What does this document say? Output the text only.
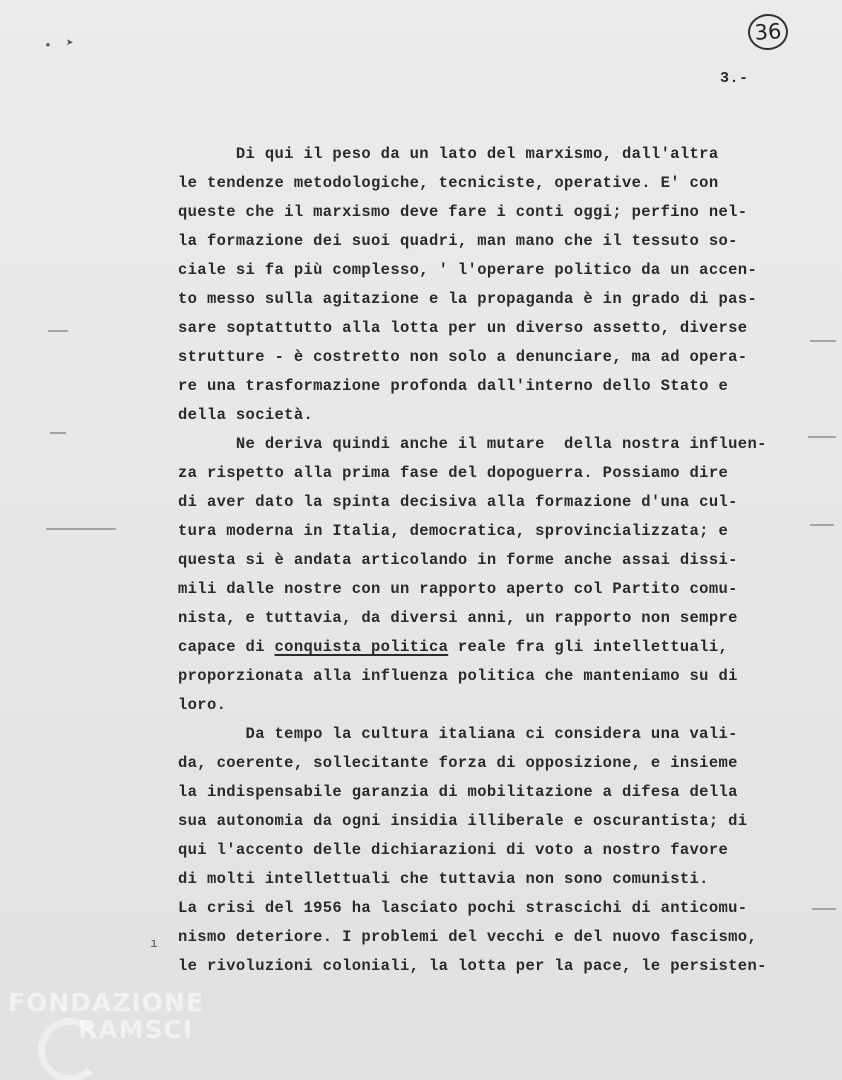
36
3.-
• ➤
ı
Di qui il peso da un lato del marxismo, dall'altra
le tendenze metodologiche, tecniciste, operative. E' con
queste che il marxismo deve fare i conti oggi; perfino nel-
la formazione dei suoi quadri, man mano che il tessuto so-
ciale si fa più complesso, ' l'operare politico da un accen-
to messo sulla agitazione e la propaganda è in grado di pas-
sare soptattutto alla lotta per un diverso assetto, diverse
strutture - è costretto non solo a denunciare, ma ad opera-
re una trasformazione profonda dall'interno dello Stato e
della società.
Ne deriva quindi anche il mutare  della nostra influen-
za rispetto alla prima fase del dopoguerra. Possiamo dire
di aver dato la spinta decisiva alla formazione d'una cul-
tura moderna in Italia, democratica, sprovincializzata; e
questa si è andata articolando in forme anche assai dissi-
mili dalle nostre con un rapporto aperto col Partito comu-
nista, e tuttavia, da diversi anni, un rapporto non sempre
capace di conquista politica reale fra gli intellettuali,
proporzionata alla influenza politica che manteniamo su di
loro.
Da tempo la cultura italiana ci considera una vali-
da, coerente, sollecitante forza di opposizione, e insieme
la indispensabile garanzia di mobilitazione a difesa della
sua autonomia da ogni insidia illiberale e oscurantista; di
qui l'accento delle dichiarazioni di voto a nostro favore
di molti intellettuali che tuttavia non sono comunisti.
La crisi del 1956 ha lasciato pochi strascichi di anticomu-
nismo deteriore. I problemi del vecchi e del nuovo fascismo,
le rivoluzioni coloniali, la lotta per la pace, le persisten-
FONDAZIONE
RAMSCI
